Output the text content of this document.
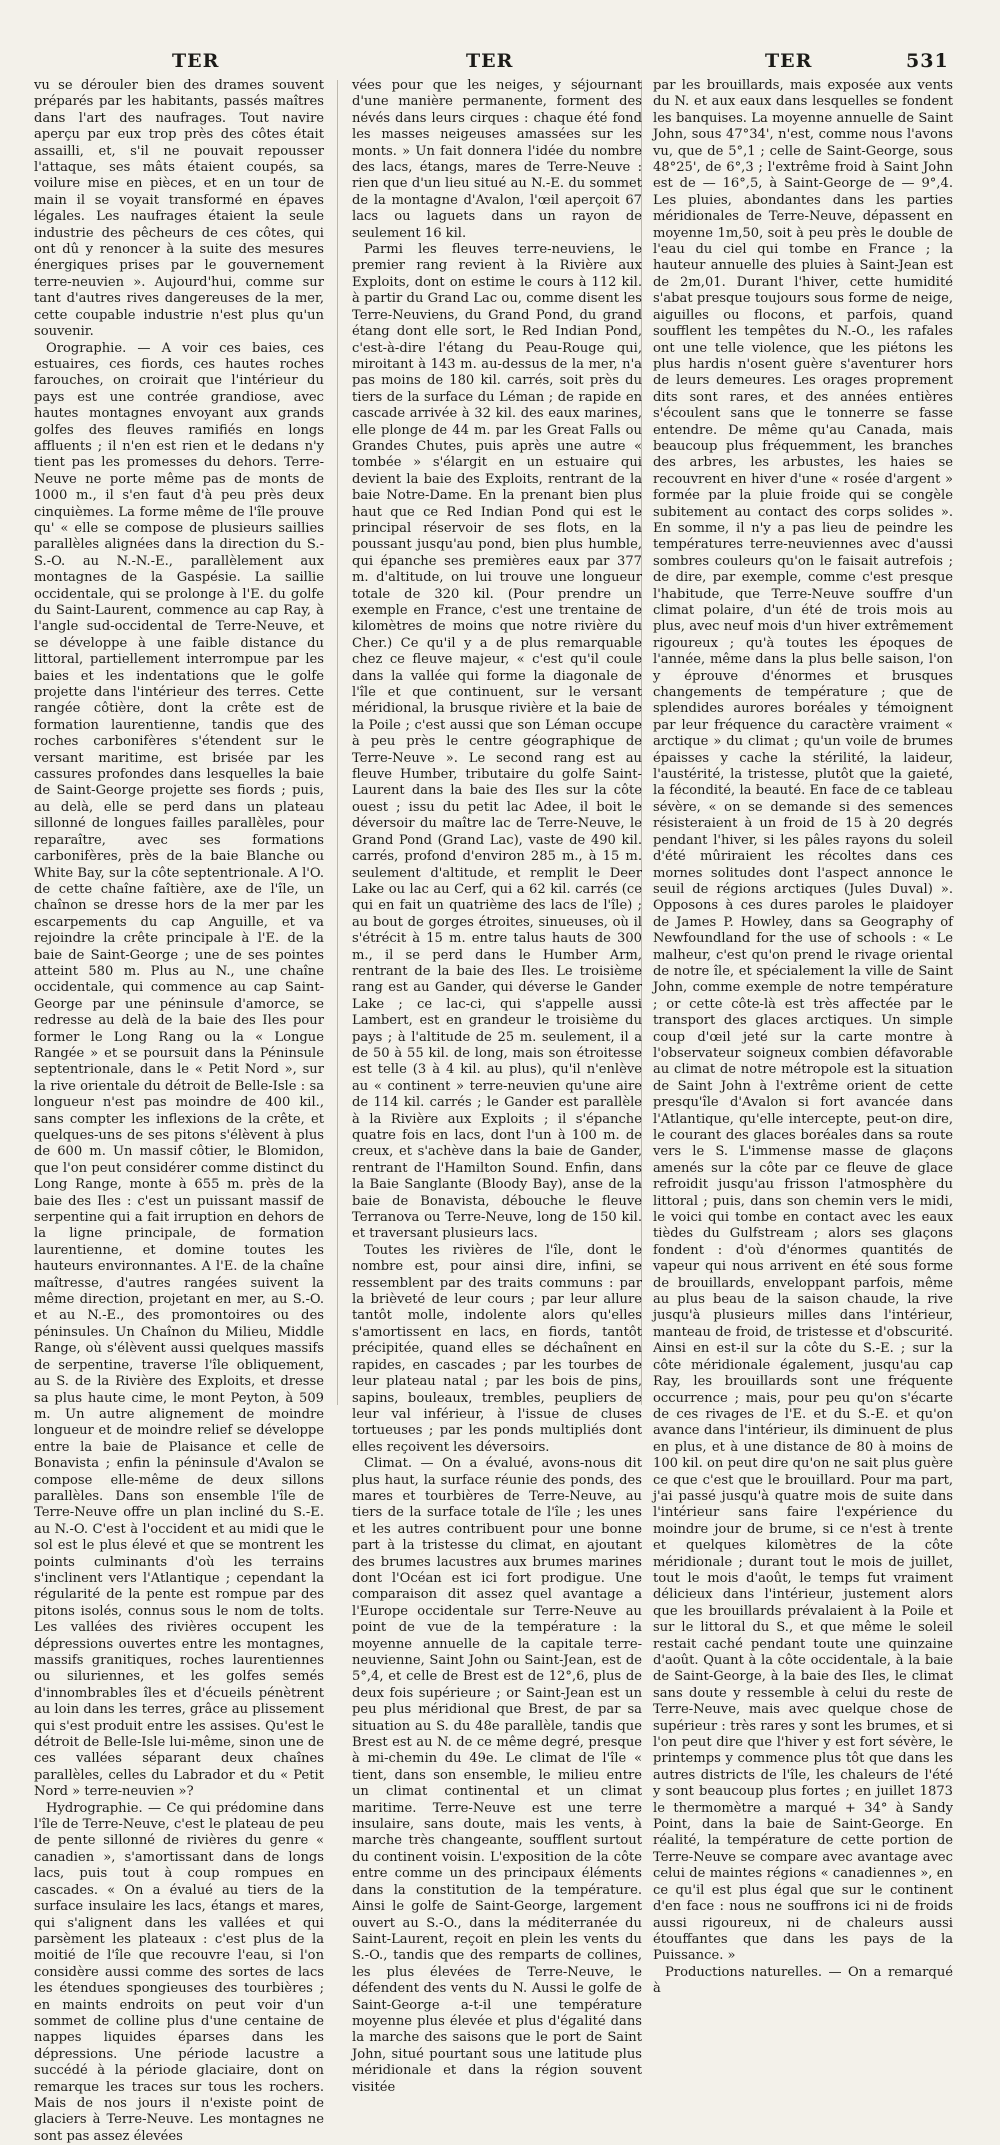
TER	TER	TER	531

vu se dérouler bien des drames souvent préparés par les habitants, passés maîtres dans l'art des naufrages. Tout navire aperçu par eux trop près des côtes était assailli, et, s'il ne pouvait repousser l'attaque, ses mâts étaient coupés, sa voilure mise en pièces, et en un tour de main il se voyait transformé en épaves légales. Les naufrages étaient la seule industrie des pêcheurs de ces côtes, qui ont dû y renoncer à la suite des mesures énergiques prises par le gouvernement terre-neuvien ». Aujourd'hui, comme sur tant d'autres rives dangereuses de la mer, cette coupable industrie n'est plus qu'un souvenir.

Orographie. — A voir ces baies, ces estuaires, ces fiords, ces hautes roches farouches, on croirait que l'intérieur du pays est une contrée grandiose, avec hautes montagnes envoyant aux grands golfes des fleuves ramifiés en longs affluents ; il n'en est rien et le dedans n'y tient pas les promesses du dehors. Terre-Neuve ne porte même pas de monts de 1000 m., il s'en faut d'à peu près deux cinquièmes. La forme même de l'île prouve qu' « elle se compose de plusieurs saillies parallèles alignées dans la direction du S.-S.-O. au N.-N.-E., parallèlement aux montagnes de la Gaspésie. La saillie occidentale, qui se prolonge à l'E. du golfe du Saint-Laurent, commence au cap Ray, à l'angle sud-occidental de Terre-Neuve, et se développe à une faible distance du littoral, partiellement interrompue par les baies et les indentations que le golfe projette dans l'intérieur des terres. Cette rangée côtière, dont la crête est de formation laurentienne, tandis que des roches carbonifères s'étendent sur le versant maritime, est brisée par les cassures profondes dans lesquelles la baie de Saint-George projette ses fiords ; puis, au delà, elle se perd dans un plateau sillonné de longues failles parallèles, pour reparaître, avec ses formations carbonifères, près de la baie Blanche ou White Bay, sur la côte septentrionale. A l'O. de cette chaîne faîtière, axe de l'île, un chaînon se dresse hors de la mer par les escarpements du cap Anguille, et va rejoindre la crête principale à l'E. de la baie de Saint-George ; une de ses pointes atteint 580 m. Plus au N., une chaîne occidentale, qui commence au cap Saint-George par une péninsule d'amorce, se redresse au delà de la baie des Iles pour former le Long Rang ou la « Longue Rangée » et se poursuit dans la Péninsule septentrionale, dans le « Petit Nord », sur la rive orientale du détroit de Belle-Isle : sa longueur n'est pas moindre de 400 kil., sans compter les inflexions de la crête, et quelques-uns de ses pitons s'élèvent à plus de 600 m. Un massif côtier, le Blomidon, que l'on peut considérer comme distinct du Long Range, monte à 655 m. près de la baie des Iles : c'est un puissant massif de serpentine qui a fait irruption en dehors de la ligne principale, de formation laurentienne, et domine toutes les hauteurs environnantes. A l'E. de la chaîne maîtresse, d'autres rangées suivent la même direction, projetant en mer, au S.-O. et au N.-E., des promontoires ou des péninsules. Un Chaînon du Milieu, Middle Range, où s'élèvent aussi quelques massifs de serpentine, traverse l'île obliquement, au S. de la Rivière des Exploits, et dresse sa plus haute cime, le mont Peyton, à 509 m. Un autre alignement de moindre longueur et de moindre relief se développe entre la baie de Plaisance et celle de Bonavista ; enfin la péninsule d'Avalon se compose elle-même de deux sillons parallèles. Dans son ensemble l'île de Terre-Neuve offre un plan incliné du S.-E. au N.-O. C'est à l'occident et au midi que le sol est le plus élevé et que se montrent les points culminants d'où les terrains s'inclinent vers l'Atlantique ; cependant la régularité de la pente est rompue par des pitons isolés, connus sous le nom de tolts. Les vallées des rivières occupent les dépressions ouvertes entre les montagnes, massifs granitiques, roches laurentiennes ou siluriennes, et les golfes semés d'innombrables îles et d'écueils pénètrent au loin dans les terres, grâce au plissement qui s'est produit entre les assises. Qu'est le détroit de Belle-Isle lui-même, sinon une de ces vallées séparant deux chaînes parallèles, celles du Labrador et du « Petit Nord » terre-neuvien »?

Hydrographie. — Ce qui prédomine dans l'île de Terre-Neuve, c'est le plateau de peu de pente sillonné de rivières du genre « canadien », s'amortissant dans de longs lacs, puis tout à coup rompues en cascades. « On a évalué au tiers de la surface insulaire les lacs, étangs et mares, qui s'alignent dans les vallées et qui parsèment les plateaux : c'est plus de la moitié de l'île que recouvre l'eau, si l'on considère aussi comme des sortes de lacs les étendues spongieuses des tourbières ; en maints endroits on peut voir d'un sommet de colline plus d'une centaine de nappes liquides éparses dans les dépressions. Une période lacustre a succédé à la période glaciaire, dont on remarque les traces sur tous les rochers. Mais de nos jours il n'existe point de glaciers à Terre-Neuve. Les montagnes ne sont pas assez élevées

vées pour que les neiges, y séjournant d'une manière permanente, forment des névés dans leurs cirques : chaque été fond les masses neigeuses amassées sur les monts. » Un fait donnera l'idée du nombre des lacs, étangs, mares de Terre-Neuve : rien que d'un lieu situé au N.-E. du sommet de la montagne d'Avalon, l'œil aperçoit 67 lacs ou laguets dans un rayon de seulement 16 kil.

Parmi les fleuves terre-neuviens, le premier rang revient à la Rivière aux Exploits, dont on estime le cours à 112 kil. à partir du Grand Lac ou, comme disent les Terre-Neuviens, du Grand Pond, du grand étang dont elle sort, le Red Indian Pond, c'est-à-dire l'étang du Peau-Rouge qui, miroitant à 143 m. au-dessus de la mer, n'a pas moins de 180 kil. carrés, soit près du tiers de la surface du Léman ; de rapide en cascade arrivée à 32 kil. des eaux marines, elle plonge de 44 m. par les Great Falls ou Grandes Chutes, puis après une autre « tombée » s'élargit en un estuaire qui devient la baie des Exploits, rentrant de la baie Notre-Dame. En la prenant bien plus haut que ce Red Indian Pond qui est le principal réservoir de ses flots, en la poussant jusqu'au pond, bien plus humble, qui épanche ses premières eaux par 377 m. d'altitude, on lui trouve une longueur totale de 320 kil. (Pour prendre un exemple en France, c'est une trentaine de kilomètres de moins que notre rivière du Cher.) Ce qu'il y a de plus remarquable chez ce fleuve majeur, « c'est qu'il coule dans la vallée qui forme la diagonale de l'île et que continuent, sur le versant méridional, la brusque rivière et la baie de la Poile ; c'est aussi que son Léman occupe à peu près le centre géographique de Terre-Neuve ». Le second rang est au fleuve Humber, tributaire du golfe Saint-Laurent dans la baie des Iles sur la côte ouest ; issu du petit lac Adee, il boit le déversoir du maître lac de Terre-Neuve, le Grand Pond (Grand Lac), vaste de 490 kil. carrés, profond d'environ 285 m., à 15 m. seulement d'altitude, et remplit le Deer Lake ou lac au Cerf, qui a 62 kil. carrés (ce qui en fait un quatrième des lacs de l'île) ; au bout de gorges étroites, sinueuses, où il s'étrécit à 15 m. entre talus hauts de 300 m., il se perd dans le Humber Arm, rentrant de la baie des Iles. Le troisième rang est au Gander, qui déverse le Gander Lake ; ce lac-ci, qui s'appelle aussi Lambert, est en grandeur le troisième du pays ; à l'altitude de 25 m. seulement, il a de 50 à 55 kil. de long, mais son étroitesse est telle (3 à 4 kil. au plus), qu'il n'enlève au « continent » terre-neuvien qu'une aire de 114 kil. carrés ; le Gander est parallèle à la Rivière aux Exploits ; il s'épanche quatre fois en lacs, dont l'un à 100 m. de creux, et s'achève dans la baie de Gander, rentrant de l'Hamilton Sound. Enfin, dans la Baie Sanglante (Bloody Bay), anse de la baie de Bonavista, débouche le fleuve Terranova ou Terre-Neuve, long de 150 kil. et traversant plusieurs lacs.

Toutes les rivières de l'île, dont le nombre est, pour ainsi dire, infini, se ressemblent par des traits communs : par la brièveté de leur cours ; par leur allure tantôt molle, indolente alors qu'elles s'amortissent en lacs, en fiords, tantôt précipitée, quand elles se déchaînent en rapides, en cascades ; par les tourbes de leur plateau natal ; par les bois de pins, sapins, bouleaux, trembles, peupliers de leur val inférieur, à l'issue de cluses tortueuses ; par les ponds multipliés dont elles reçoivent les déversoirs.

Climat. — On a évalué, avons-nous dit plus haut, la surface réunie des ponds, des mares et tourbières de Terre-Neuve, au tiers de la surface totale de l'île ; les unes et les autres contribuent pour une bonne part à la tristesse du climat, en ajoutant des brumes lacustres aux brumes marines dont l'Océan est ici fort prodigue. Une comparaison dit assez quel avantage a l'Europe occidentale sur Terre-Neuve au point de vue de la température : la moyenne annuelle de la capitale terre-neuvienne, Saint John ou Saint-Jean, est de 5°,4, et celle de Brest est de 12°,6, plus de deux fois supérieure ; or Saint-Jean est un peu plus méridional que Brest, de par sa situation au S. du 48e parallèle, tandis que Brest est au N. de ce même degré, presque à mi-chemin du 49e. Le climat de l'île « tient, dans son ensemble, le milieu entre un climat continental et un climat maritime. Terre-Neuve est une terre insulaire, sans doute, mais les vents, à marche très changeante, soufflent surtout du continent voisin. L'exposition de la côte entre comme un des principaux éléments dans la constitution de la température. Ainsi le golfe de Saint-George, largement ouvert au S.-O., dans la méditerranée du Saint-Laurent, reçoit en plein les vents du S.-O., tandis que des remparts de collines, les plus élevées de Terre-Neuve, le défendent des vents du N. Aussi le golfe de Saint-George a-t-il une température moyenne plus élevée et plus d'égalité dans la marche des saisons que le port de Saint John, situé pourtant sous une latitude plus méridionale et dans la région souvent visitée

par les brouillards, mais exposée aux vents du N. et aux eaux dans lesquelles se fondent les banquises. La moyenne annuelle de Saint John, sous 47°34', n'est, comme nous l'avons vu, que de 5°,1 ; celle de Saint-George, sous 48°25', de 6°,3 ; l'extrême froid à Saint John est de — 16°,5, à Saint-George de — 9°,4. Les pluies, abondantes dans les parties méridionales de Terre-Neuve, dépassent en moyenne 1m,50, soit à peu près le double de l'eau du ciel qui tombe en France ; la hauteur annuelle des pluies à Saint-Jean est de 2m,01. Durant l'hiver, cette humidité s'abat presque toujours sous forme de neige, aiguilles ou flocons, et parfois, quand soufflent les tempêtes du N.-O., les rafales ont une telle violence, que les piétons les plus hardis n'osent guère s'aventurer hors de leurs demeures. Les orages proprement dits sont rares, et des années entières s'écoulent sans que le tonnerre se fasse entendre. De même qu'au Canada, mais beaucoup plus fréquemment, les branches des arbres, les arbustes, les haies se recouvrent en hiver d'une « rosée d'argent » formée par la pluie froide qui se congèle subitement au contact des corps solides ». En somme, il n'y a pas lieu de peindre les températures terre-neuviennes avec d'aussi sombres couleurs qu'on le faisait autrefois ; de dire, par exemple, comme c'est presque l'habitude, que Terre-Neuve souffre d'un climat polaire, d'un été de trois mois au plus, avec neuf mois d'un hiver extrêmement rigoureux ; qu'à toutes les époques de l'année, même dans la plus belle saison, l'on y éprouve d'énormes et brusques changements de température ; que de splendides aurores boréales y témoignent par leur fréquence du caractère vraiment « arctique » du climat ; qu'un voile de brumes épaisses y cache la stérilité, la laideur, l'austérité, la tristesse, plutôt que la gaieté, la fécondité, la beauté. En face de ce tableau sévère, « on se demande si des semences résisteraient à un froid de 15 à 20 degrés pendant l'hiver, si les pâles rayons du soleil d'été mûriraient les récoltes dans ces mornes solitudes dont l'aspect annonce le seuil de régions arctiques (Jules Duval) ». Opposons à ces dures paroles le plaidoyer de James P. Howley, dans sa Geography of Newfoundland for the use of schools : « Le malheur, c'est qu'on prend le rivage oriental de notre île, et spécialement la ville de Saint John, comme exemple de notre température ; or cette côte-là est très affectée par le transport des glaces arctiques. Un simple coup d'œil jeté sur la carte montre à l'observateur soigneux combien défavorable au climat de notre métropole est la situation de Saint John à l'extrême orient de cette presqu'île d'Avalon si fort avancée dans l'Atlantique, qu'elle intercepte, peut-on dire, le courant des glaces boréales dans sa route vers le S. L'immense masse de glaçons amenés sur la côte par ce fleuve de glace refroidit jusqu'au frisson l'atmosphère du littoral ; puis, dans son chemin vers le midi, le voici qui tombe en contact avec les eaux tièdes du Gulfstream ; alors ses glaçons fondent : d'où d'énormes quantités de vapeur qui nous arrivent en été sous forme de brouillards, enveloppant parfois, même au plus beau de la saison chaude, la rive jusqu'à plusieurs milles dans l'intérieur, manteau de froid, de tristesse et d'obscurité. Ainsi en est-il sur la côte du S.-E. ; sur la côte méridionale également, jusqu'au cap Ray, les brouillards sont une fréquente occurrence ; mais, pour peu qu'on s'écarte de ces rivages de l'E. et du S.-E. et qu'on avance dans l'intérieur, ils diminuent de plus en plus, et à une distance de 80 à moins de 100 kil. on peut dire qu'on ne sait plus guère ce que c'est que le brouillard. Pour ma part, j'ai passé jusqu'à quatre mois de suite dans l'intérieur sans faire l'expérience du moindre jour de brume, si ce n'est à trente et quelques kilomètres de la côte méridionale ; durant tout le mois de juillet, tout le mois d'août, le temps fut vraiment délicieux dans l'intérieur, justement alors que les brouillards prévalaient à la Poile et sur le littoral du S., et que même le soleil restait caché pendant toute une quinzaine d'août. Quant à la côte occidentale, à la baie de Saint-George, à la baie des Iles, le climat sans doute y ressemble à celui du reste de Terre-Neuve, mais avec quelque chose de supérieur : très rares y sont les brumes, et si l'on peut dire que l'hiver y est fort sévère, le printemps y commence plus tôt que dans les autres districts de l'île, les chaleurs de l'été y sont beaucoup plus fortes ; en juillet 1873 le thermomètre a marqué + 34° à Sandy Point, dans la baie de Saint-George. En réalité, la température de cette portion de Terre-Neuve se compare avec avantage avec celui de maintes régions « canadiennes », en ce qu'il est plus égal que sur le continent d'en face : nous ne souffrons ici ni de froids aussi rigoureux, ni de chaleurs aussi étouffantes que dans les pays de la Puissance. »

Productions naturelles. — On a remarqué à
